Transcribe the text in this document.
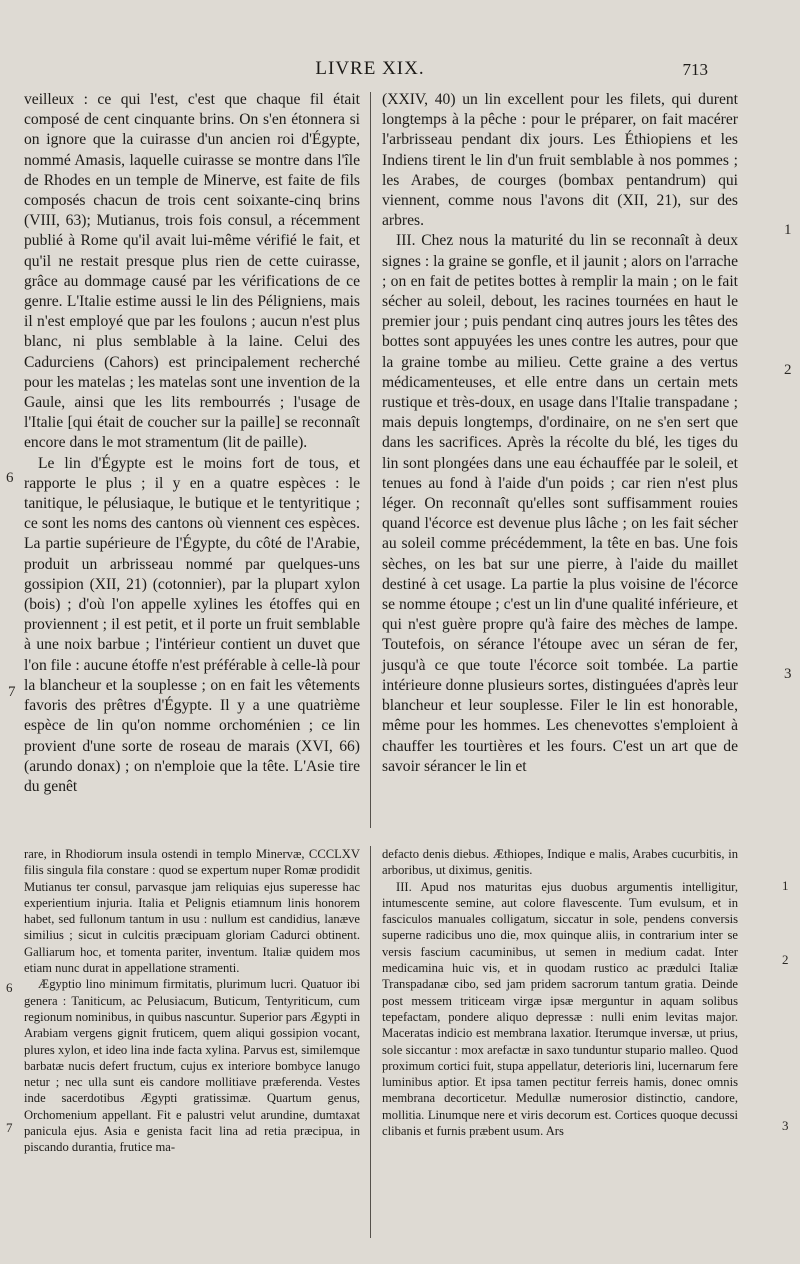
LIVRE XIX.	713

veilleux : ce qui l'est, c'est que chaque fil était composé de cent cinquante brins. On s'en étonnera si on ignore que la cuirasse d'un ancien roi d'Égypte, nommé Amasis, laquelle cuirasse se montre dans l'île de Rhodes en un temple de Minerve, est faite de fils composés chacun de trois cent soixante-cinq brins (VIII, 63); Mutianus, trois fois consul, a récemment publié à Rome qu'il avait lui-même vérifié le fait, et qu'il ne restait presque plus rien de cette cuirasse, grâce au dommage causé par les vérifications de ce genre. L'Italie estime aussi le lin des Péligniens, mais il n'est employé que par les foulons ; aucun n'est plus blanc, ni plus semblable à la laine. Celui des Cadurciens (Cahors) est principalement recherché pour les matelas ; les matelas sont une invention de la Gaule, ainsi que les lits rembourrés ; l'usage de l'Italie [qui était de coucher sur la paille] se reconnaît encore dans le mot stramentum (lit de paille).

Le lin d'Égypte est le moins fort de tous, et rapporte le plus ; il y en a quatre espèces : le tanitique, le pélusiaque, le butique et le tentyritique ; ce sont les noms des cantons où viennent ces espèces. La partie supérieure de l'Égypte, du côté de l'Arabie, produit un arbrisseau nommé par quelques-uns gossipion (XII, 21) (cotonnier), par la plupart xylon (bois) ; d'où l'on appelle xylines les étoffes qui en proviennent ; il est petit, et il porte un fruit semblable à une noix barbue ; l'intérieur contient un duvet que l'on file : aucune étoffe n'est préférable à celle-là pour la blancheur et la souplesse ; on en fait les vêtements favoris des prêtres d'Égypte. Il y a une quatrième espèce de lin qu'on nomme orchoménien ; ce lin provient d'une sorte de roseau de marais (XVI, 66) (arundo donax) ; on n'emploie que la tête. L'Asie tire du genêt

(XXIV, 40) un lin excellent pour les filets, qui durent longtemps à la pêche : pour le préparer, on fait macérer l'arbrisseau pendant dix jours. Les Éthiopiens et les Indiens tirent le lin d'un fruit semblable à nos pommes ; les Arabes, de courges (bombax pentandrum) qui viennent, comme nous l'avons dit (XII, 21), sur des arbres.

III. Chez nous la maturité du lin se reconnaît à deux signes : la graine se gonfle, et il jaunit ; alors on l'arrache ; on en fait de petites bottes à remplir la main ; on le fait sécher au soleil, debout, les racines tournées en haut le premier jour ; puis pendant cinq autres jours les têtes des bottes sont appuyées les unes contre les autres, pour que la graine tombe au milieu. Cette graine a des vertus médicamenteuses, et elle entre dans un certain mets rustique et très-doux, en usage dans l'Italie transpadane ; mais depuis longtemps, d'ordinaire, on ne s'en sert que dans les sacrifices. Après la récolte du blé, les tiges du lin sont plongées dans une eau échauffée par le soleil, et tenues au fond à l'aide d'un poids ; car rien n'est plus léger. On reconnaît qu'elles sont suffisamment rouies quand l'écorce est devenue plus lâche ; on les fait sécher au soleil comme précédemment, la tête en bas. Une fois sèches, on les bat sur une pierre, à l'aide du maillet destiné à cet usage. La partie la plus voisine de l'écorce se nomme étoupe ; c'est un lin d'une qualité inférieure, et qui n'est guère propre qu'à faire des mèches de lampe. Toutefois, on sérance l'étoupe avec un séran de fer, jusqu'à ce que toute l'écorce soit tombée. La partie intérieure donne plusieurs sortes, distinguées d'après leur blancheur et leur souplesse. Filer le lin est honorable, même pour les hommes. Les chenevottes s'emploient à chauffer les tourtières et les fours. C'est un art que de savoir sérancer le lin et

rare, in Rhodiorum insula ostendi in templo Minervæ, CCCLXV filis singula fila constare : quod se expertum nuper Romæ prodidit Mutianus ter consul, parvasque jam reliquias ejus superesse hac experientium injuria. Italia et Pelignis etiamnum linis honorem habet, sed fullonum tantum in usu : nullum est candidius, lanæve similius ; sicut in culcitis præcipuam gloriam Cadurci obtinent. Galliarum hoc, et tomenta pariter, inventum. Italiæ quidem mos etiam nunc durat in appellatione stramenti.

Ægyptio lino minimum firmitatis, plurimum lucri. Quatuor ibi genera : Taniticum, ac Pelusiacum, Buticum, Tentyriticum, cum regionum nominibus, in quibus nascuntur. Superior pars Ægypti in Arabiam vergens gignit fruticem, quem aliqui gossipion vocant, plures xylon, et ideo lina inde facta xylina. Parvus est, similemque barbatæ nucis defert fructum, cujus ex interiore bombyce lanugo netur ; nec ulla sunt eis candore mollitiave præferenda. Vestes inde sacerdotibus Ægypti gratissimæ. Quartum genus, Orchomenium appellant. Fit e palustri velut arundine, dumtaxat panicula ejus. Asia e genista facit lina ad retia præcipua, in piscando durantia, frutice ma-

defacto denis diebus. Æthiopes, Indique e malis, Arabes cucurbitis, in arboribus, ut diximus, genitis.

III. Apud nos maturitas ejus duobus argumentis intelligitur, intumescente semine, aut colore flavescente. Tum evulsum, et in fasciculos manuales colligatum, siccatur in sole, pendens conversis superne radicibus uno die, mox quinque aliis, in contrarium inter se versis fascium cacuminibus, ut semen in medium cadat. Inter medicamina huic vis, et in quodam rustico ac prædulci Italiæ Transpadanæ cibo, sed jam pridem sacrorum tantum gratia. Deinde post messem triticeam virgæ ipsæ merguntur in aquam solibus tepefactam, pondere aliquo depressæ : nulli enim levitas major. Maceratas indicio est membrana laxatior. Iterumque inversæ, ut prius, sole siccantur : mox arefactæ in saxo tunduntur stupario malleo. Quod proximum cortici fuit, stupa appellatur, deterioris lini, lucernarum fere luminibus aptior. Et ipsa tamen pectitur ferreis hamis, donec omnis membrana decorticetur. Medullæ numerosior distinctio, candore, mollitia. Linumque nere et viris decorum est. Cortices quoque decussi clibanis et furnis præbent usum. Ars

6
7
1
2
3
6
7
1
2
3
